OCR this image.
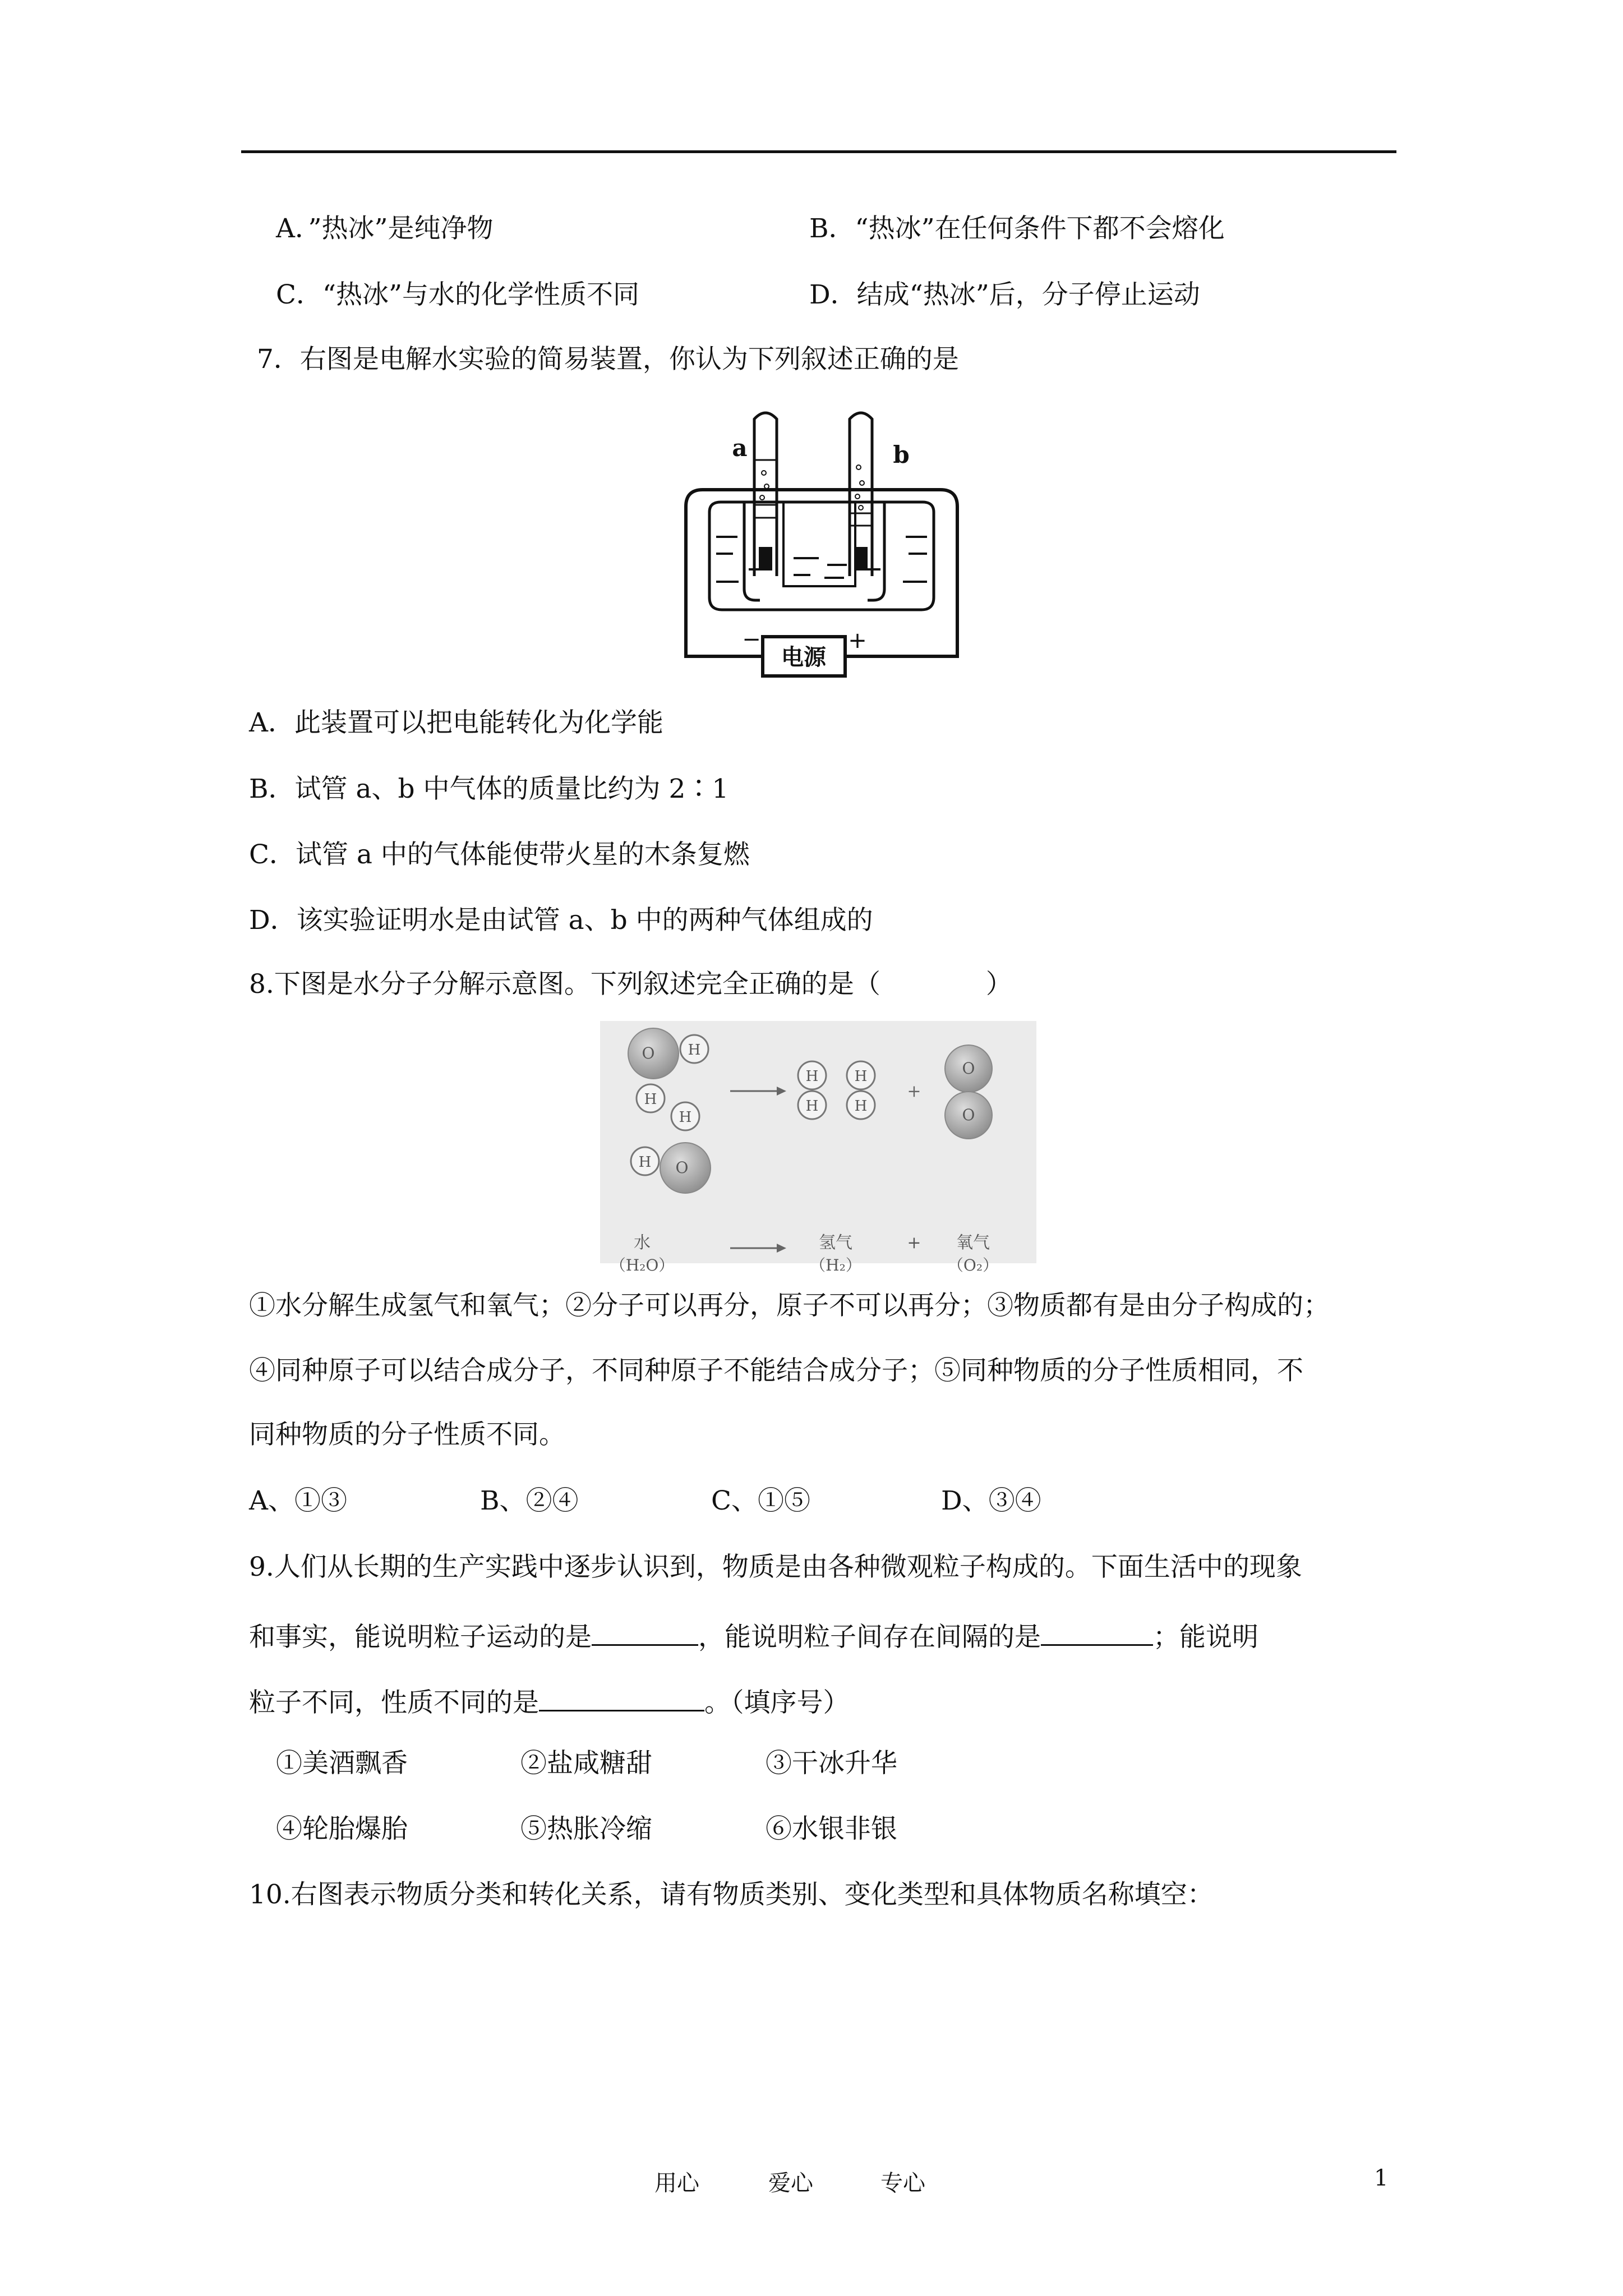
A．”热冰”是纯净物	B．“热冰”在任何条件下都不会熔化
C．“热冰”与水的化学性质不同	D．结成“热冰”后，分子停止运动
7．右图是电解水实验的简易装置，你认为下列叙述正确的是
电源
−	+
a	b
A．此装置可以把电能转化为化学能
B．试管 a、b 中气体的质量比约为 2∶1
C．试管 a 中的气体能使带火星的木条复燃
D．该实验证明水是由试管 a、b 中的两种气体组成的
8.下图是水分子分解示意图。下列叙述完全正确的是（　　　　）
O H
H
H
H O
H
H
H
H
+
O
O
水
（H₂O）
氢气
（H₂）
+ 氧气
（O₂）
①水分解生成氢气和氧气；②分子可以再分，原子不可以再分；③物质都有是由分子构成的；
④同种原子可以结合成分子，不同种原子不能结合成分子；⑤同种物质的分子性质相同，不
同种物质的分子性质不同。
A、①③	B、②④	C、①⑤	D、③④
9.人们从长期的生产实践中逐步认识到，物质是由各种微观粒子构成的。下面生活中的现象
和事实，能说明粒子运动的是	，能说明粒子间存在间隔的是	；能说明
粒子不同，性质不同的是	。（填序号）
①美酒飘香	②盐咸糖甜	③干冰升华
④轮胎爆胎	⑤热胀冷缩	⑥水银非银
10.右图表示物质分类和转化关系，请有物质类别、变化类型和具体物质名称填空：
用心	爱心	专心	1
